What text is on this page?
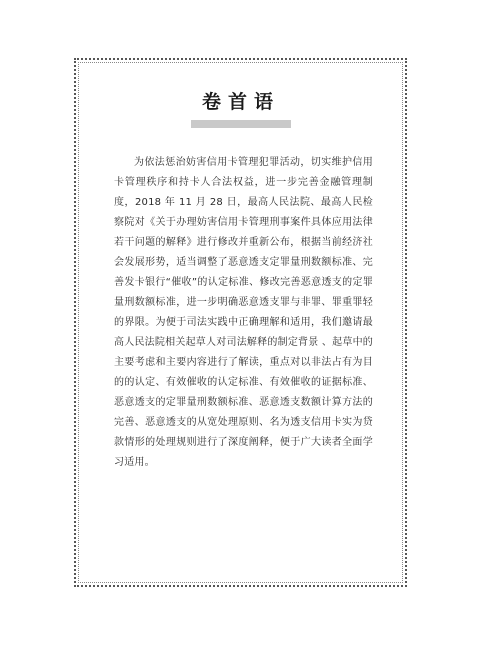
卷首语

为依法惩治妨害信用卡管理犯罪活动，切实维护信用卡管理秩序和持卡人合法权益，进一步完善金融管理制度，2018 年 11 月 28 日，最高人民法院、最高人民检察院对《关于办理妨害信用卡管理刑事案件具体应用法律若干问题的解释》进行修改并重新公布，根据当前经济社会发展形势，适当调整了恶意透支定罪量刑数额标准、完善发卡银行“催收”的认定标准、修改完善恶意透支的定罪量刑数额标准，进一步明确恶意透支罪与非罪、罪重罪轻的界限。为便于司法实践中正确理解和适用，我们邀请最高人民法院相关起草人对司法解释的制定背景 、起草中的主要考虑和主要内容进行了解读，重点对以非法占有为目的的认定、有效催收的认定标准、有效催收的证据标准、恶意透支的定罪量刑数额标准、恶意透支数额计算方法的完善、恶意透支的从宽处理原则、名为透支信用卡实为贷款情形的处理规则进行了深度阐释，便于广大读者全面学习适用。
